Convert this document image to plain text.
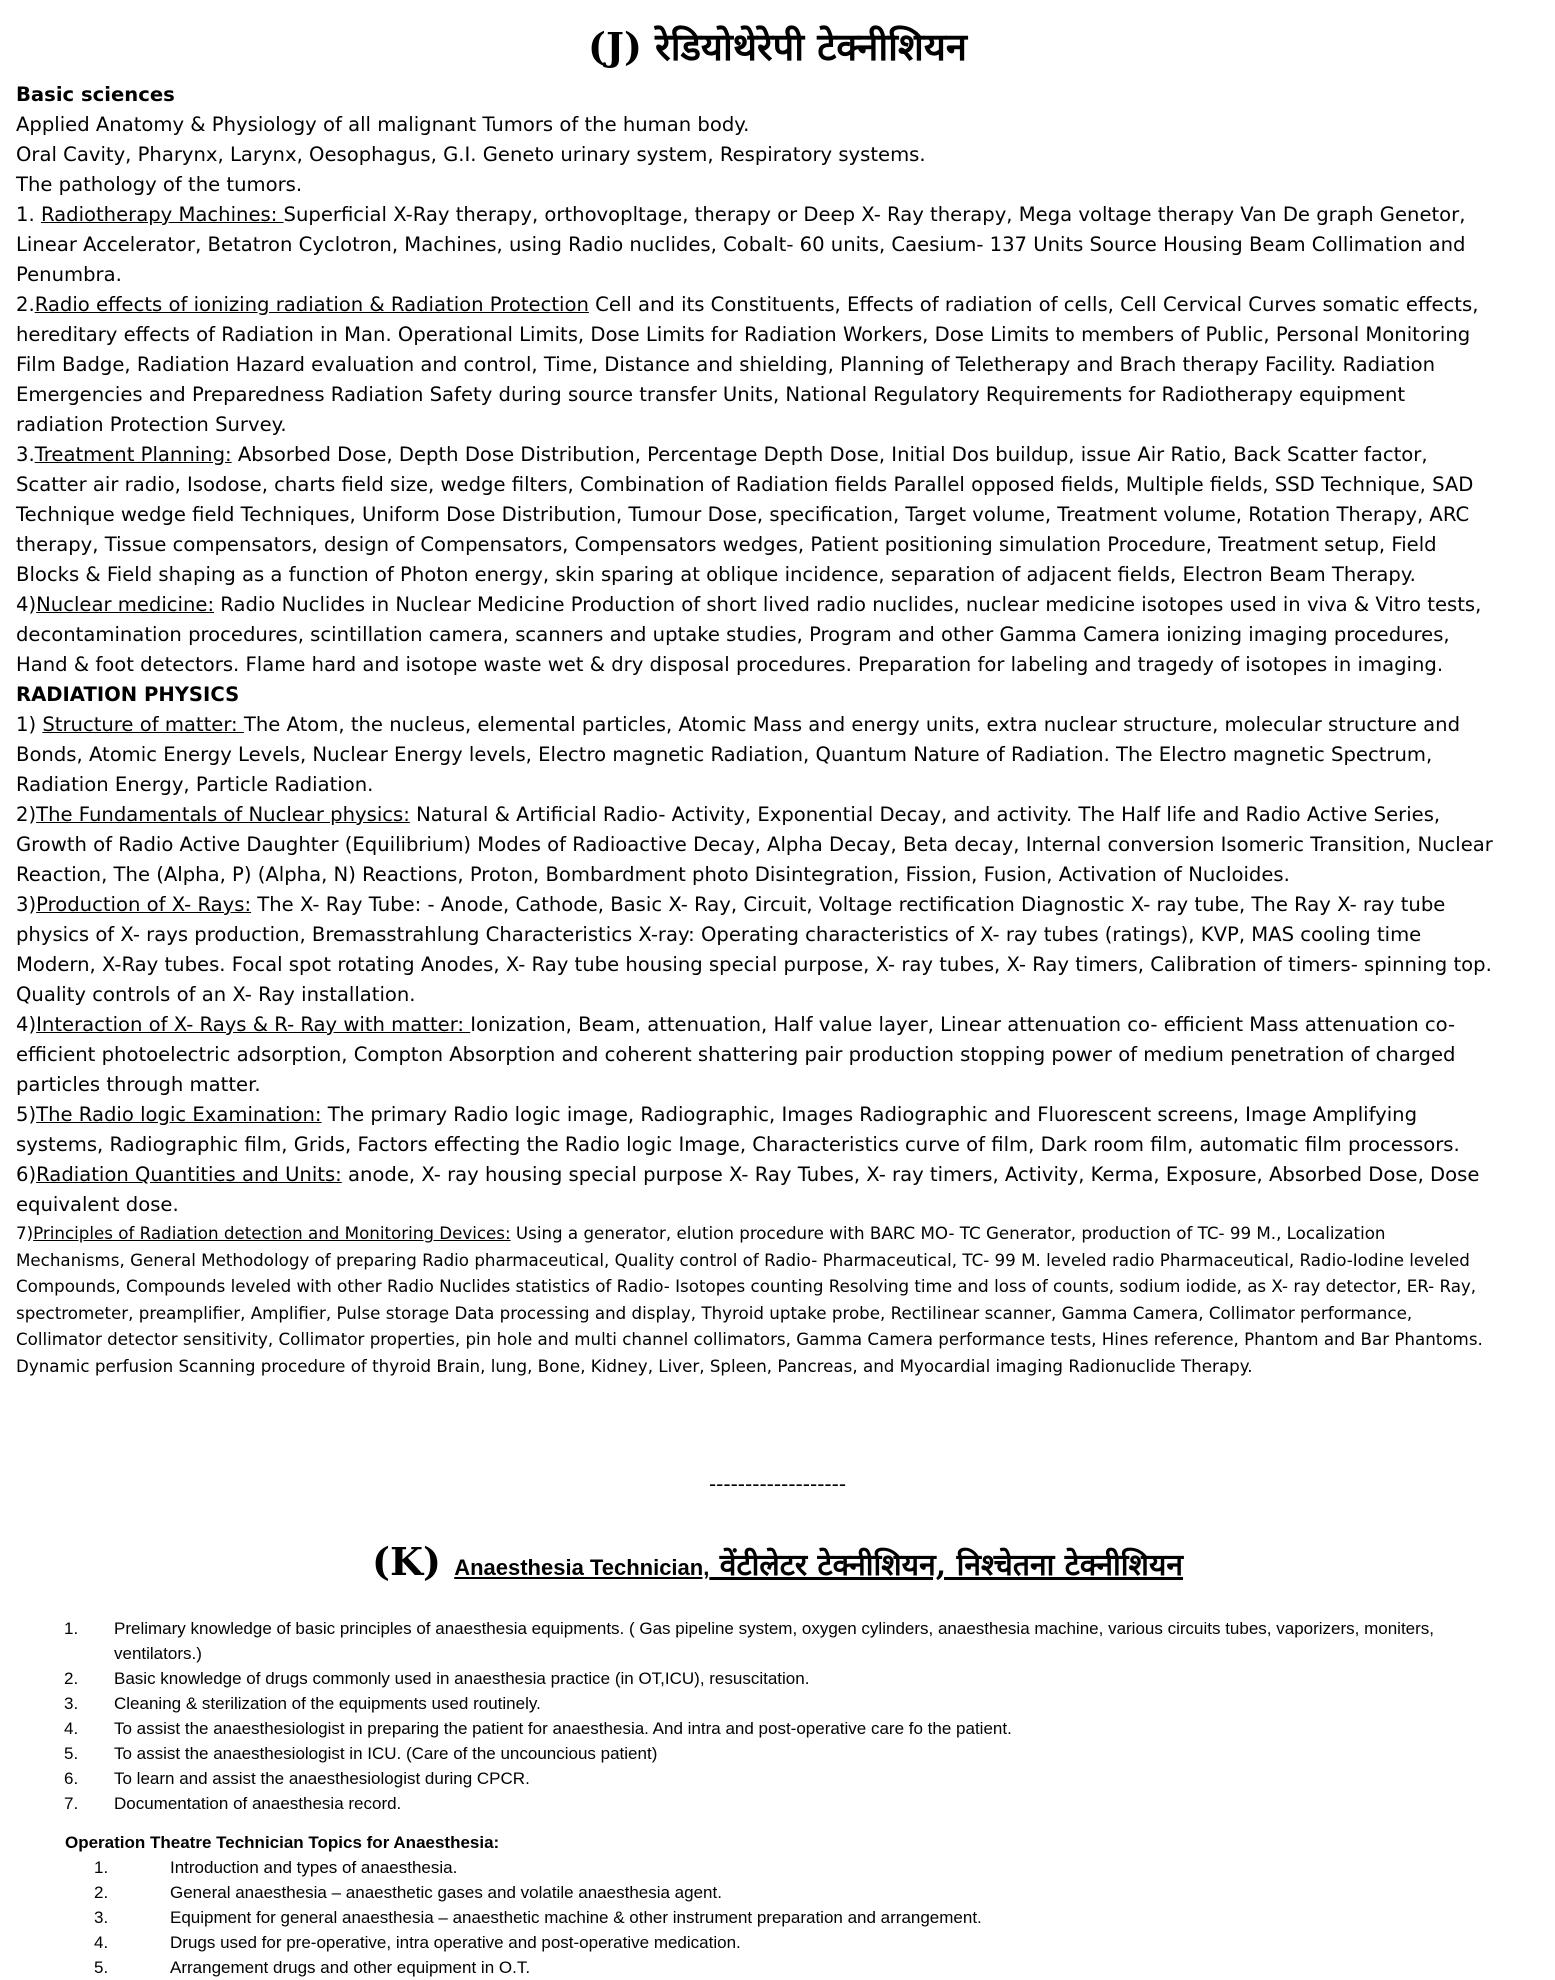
(J) रेडियोथेरेपी टेक्नीशियन

Basic sciences

Applied Anatomy & Physiology of all malignant Tumors of the human body.

Oral Cavity, Pharynx, Larynx, Oesophagus, G.I. Geneto urinary system, Respiratory systems.

The pathology of the tumors.

1. Radiotherapy Machines: Superficial X-Ray therapy, orthovopltage, therapy or Deep X- Ray therapy, Mega voltage therapy Van De graph Genetor, Linear Accelerator, Betatron Cyclotron, Machines, using Radio nuclides, Cobalt- 60 units, Caesium- 137 Units Source Housing Beam Collimation and Penumbra.

2.Radio effects of ionizing radiation & Radiation Protection Cell and its Constituents, Effects of radiation of cells, Cell Cervical Curves somatic effects, hereditary effects of Radiation in Man. Operational Limits, Dose Limits for Radiation Workers, Dose Limits to members of Public, Personal Monitoring Film Badge, Radiation Hazard evaluation and control, Time, Distance and shielding, Planning of Teletherapy and Brach therapy Facility. Radiation Emergencies and Preparedness Radiation Safety during source transfer Units, National Regulatory Requirements for Radiotherapy equipment radiation Protection Survey.

3.Treatment Planning: Absorbed Dose, Depth Dose Distribution, Percentage Depth Dose, Initial Dos buildup, issue Air Ratio, Back Scatter factor, Scatter air radio, Isodose, charts field size, wedge filters, Combination of Radiation fields Parallel opposed fields, Multiple fields, SSD Technique, SAD Technique wedge field Techniques, Uniform Dose Distribution, Tumour Dose, specification, Target volume, Treatment volume, Rotation Therapy, ARC therapy, Tissue compensators, design of Compensators, Compensators wedges, Patient positioning simulation Procedure, Treatment setup, Field Blocks & Field shaping as a function of Photon energy, skin sparing at oblique incidence, separation of adjacent fields, Electron Beam Therapy.

4)Nuclear medicine: Radio Nuclides in Nuclear Medicine Production of short lived radio nuclides, nuclear medicine isotopes used in viva & Vitro tests, decontamination procedures, scintillation camera, scanners and uptake studies, Program and other Gamma Camera ionizing imaging procedures, Hand & foot detectors. Flame hard and isotope waste wet & dry disposal procedures. Preparation for labeling and tragedy of isotopes in imaging.

RADIATION PHYSICS

1) Structure of matter: The Atom, the nucleus, elemental particles, Atomic Mass and energy units, extra nuclear structure, molecular structure and Bonds, Atomic Energy Levels, Nuclear Energy levels, Electro magnetic Radiation, Quantum Nature of Radiation. The Electro magnetic Spectrum, Radiation Energy, Particle Radiation.

2)The Fundamentals of Nuclear physics: Natural & Artificial Radio- Activity, Exponential Decay, and activity. The Half life and Radio Active Series, Growth of Radio Active Daughter (Equilibrium) Modes of Radioactive Decay, Alpha Decay, Beta decay, Internal conversion Isomeric Transition, Nuclear Reaction, The (Alpha, P) (Alpha, N) Reactions, Proton, Bombardment photo Disintegration, Fission, Fusion, Activation of Nucloides.

3)Production of X- Rays: The X- Ray Tube: - Anode, Cathode, Basic X- Ray, Circuit, Voltage rectification Diagnostic X- ray tube, The Ray X- ray tube physics of X- rays production, Bremasstrahlung Characteristics X-ray: Operating characteristics of X- ray tubes (ratings), KVP, MAS cooling time Modern, X-Ray tubes. Focal spot rotating Anodes, X- Ray tube housing special purpose, X- ray tubes, X- Ray timers, Calibration of timers- spinning top. Quality controls of an X- Ray installation.

4)Interaction of X- Rays & R- Ray with matter: Ionization, Beam, attenuation, Half value layer, Linear attenuation co- efficient Mass attenuation co-efficient photoelectric adsorption, Compton Absorption and coherent shattering pair production stopping power of medium penetration of charged particles through matter.

5)The Radio logic Examination: The primary Radio logic image, Radiographic, Images Radiographic and Fluorescent screens, Image Amplifying systems, Radiographic film, Grids, Factors effecting the Radio logic Image, Characteristics curve of film, Dark room film, automatic film processors.

6)Radiation Quantities and Units: anode, X- ray housing special purpose X- Ray Tubes, X- ray timers, Activity, Kerma, Exposure, Absorbed Dose, Dose equivalent dose.

7)Principles of Radiation detection and Monitoring Devices: Using a generator, elution procedure with BARC MO- TC Generator, production of TC- 99 M., Localization Mechanisms, General Methodology of preparing Radio pharmaceutical, Quality control of Radio- Pharmaceutical, TC- 99 M. leveled radio Pharmaceutical, Radio-Iodine leveled Compounds, Compounds leveled with other Radio Nuclides statistics of Radio- Isotopes counting Resolving time and loss of counts, sodium iodide, as X- ray detector, ER- Ray, spectrometer, preamplifier, Amplifier, Pulse storage Data processing and display, Thyroid uptake probe, Rectilinear scanner, Gamma Camera, Collimator performance, Collimator detector sensitivity, Collimator properties, pin hole and multi channel collimators, Gamma Camera performance tests, Hines reference, Phantom and Bar Phantoms. Dynamic perfusion Scanning procedure of thyroid Brain, lung, Bone, Kidney, Liver, Spleen, Pancreas, and Myocardial imaging Radionuclide Therapy.

-------------------
(K) Anaesthesia Technician, वेंटीलेटर टेक्नीशियन, निश्चेतना टेक्नीशियन
1.	Prelimary knowledge of basic principles of anaesthesia equipments. ( Gas pipeline system, oxygen cylinders, anaesthesia machine, various circuits tubes, vaporizers, moniters, ventilators.)
2.	Basic knowledge of drugs commonly used in anaesthesia practice (in OT,ICU), resuscitation.
3.	Cleaning & sterilization of the equipments used routinely.
4.	To assist the anaesthesiologist in preparing the patient for anaesthesia. And intra and post-operative care fo the patient.
5.	To assist the anaesthesiologist in ICU. (Care of the uncouncious patient)
6.	To learn and assist the anaesthesiologist during CPCR.
7.	Documentation of anaesthesia record.
Operation Theatre Technician Topics for Anaesthesia:
1.	Introduction and types of anaesthesia.
2.	General anaesthesia – anaesthetic gases and volatile anaesthesia agent.
3.	Equipment for general anaesthesia – anaesthetic machine & other instrument preparation and arrangement.
4.	Drugs used for pre-operative, intra operative and post-operative medication.
5.	Arrangement drugs and other equipment in O.T.
